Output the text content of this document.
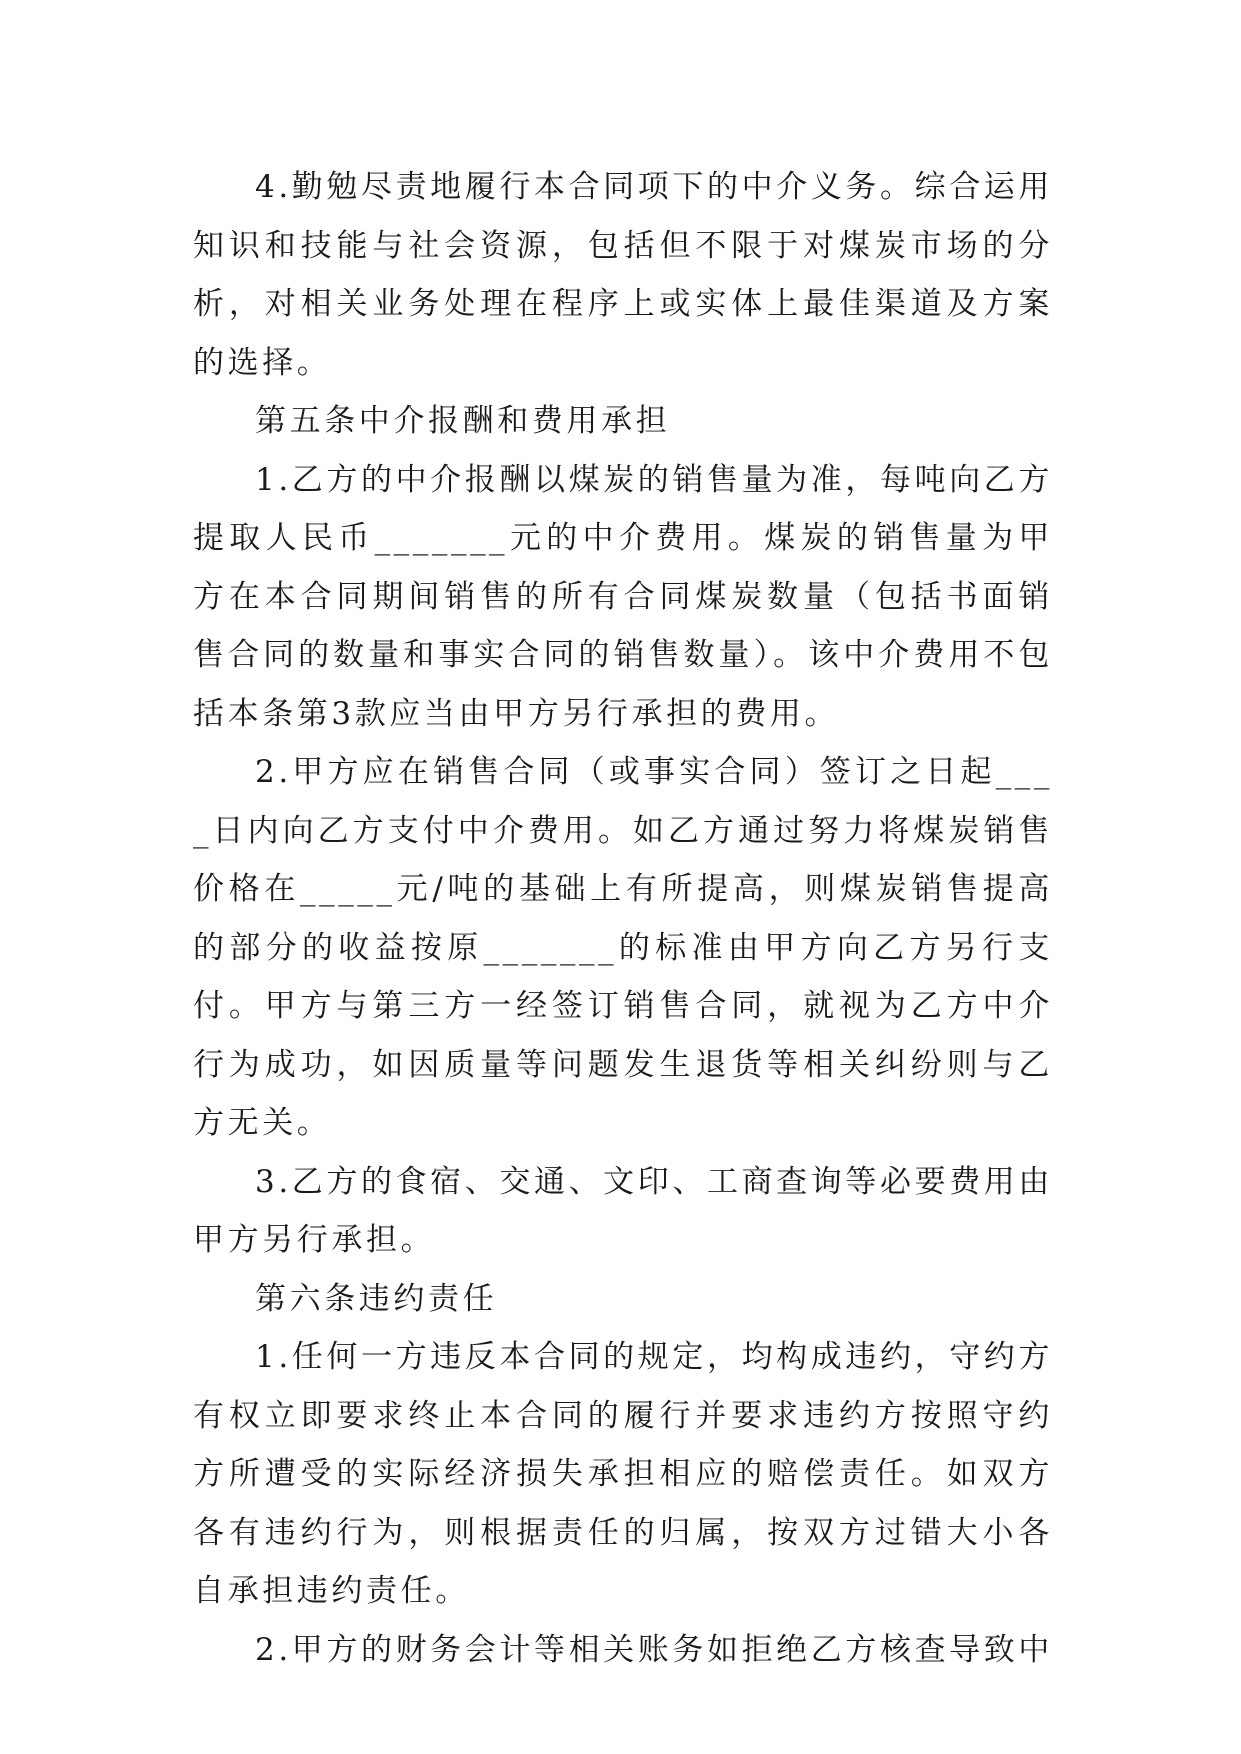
4.勤勉尽责地履行本合同项下的中介义务。综合运用知识和技能与社会资源，包括但不限于对煤炭市场的分析，对相关业务处理在程序上或实体上最佳渠道及方案的选择。

第五条中介报酬和费用承担

1.乙方的中介报酬以煤炭的销售量为准，每吨向乙方提取人民币_______元的中介费用。煤炭的销售量为甲方在本合同期间销售的所有合同煤炭数量（包括书面销售合同的数量和事实合同的销售数量）。该中介费用不包括本条第3款应当由甲方另行承担的费用。

2.甲方应在销售合同（或事实合同）签订之日起____日内向乙方支付中介费用。如乙方通过努力将煤炭销售价格在_____元/吨的基础上有所提高，则煤炭销售提高的部分的收益按原_______的标准由甲方向乙方另行支付。甲方与第三方一经签订销售合同，就视为乙方中介行为成功，如因质量等问题发生退货等相关纠纷则与乙方无关。

3.乙方的食宿、交通、文印、工商查询等必要费用由甲方另行承担。

第六条违约责任

1.任何一方违反本合同的规定，均构成违约，守约方有权立即要求终止本合同的履行并要求违约方按照守约方所遭受的实际经济损失承担相应的赔偿责任。如双方各有违约行为，则根据责任的归属，按双方过错大小各自承担违约责任。

2.甲方的财务会计等相关账务如拒绝乙方核查导致中
